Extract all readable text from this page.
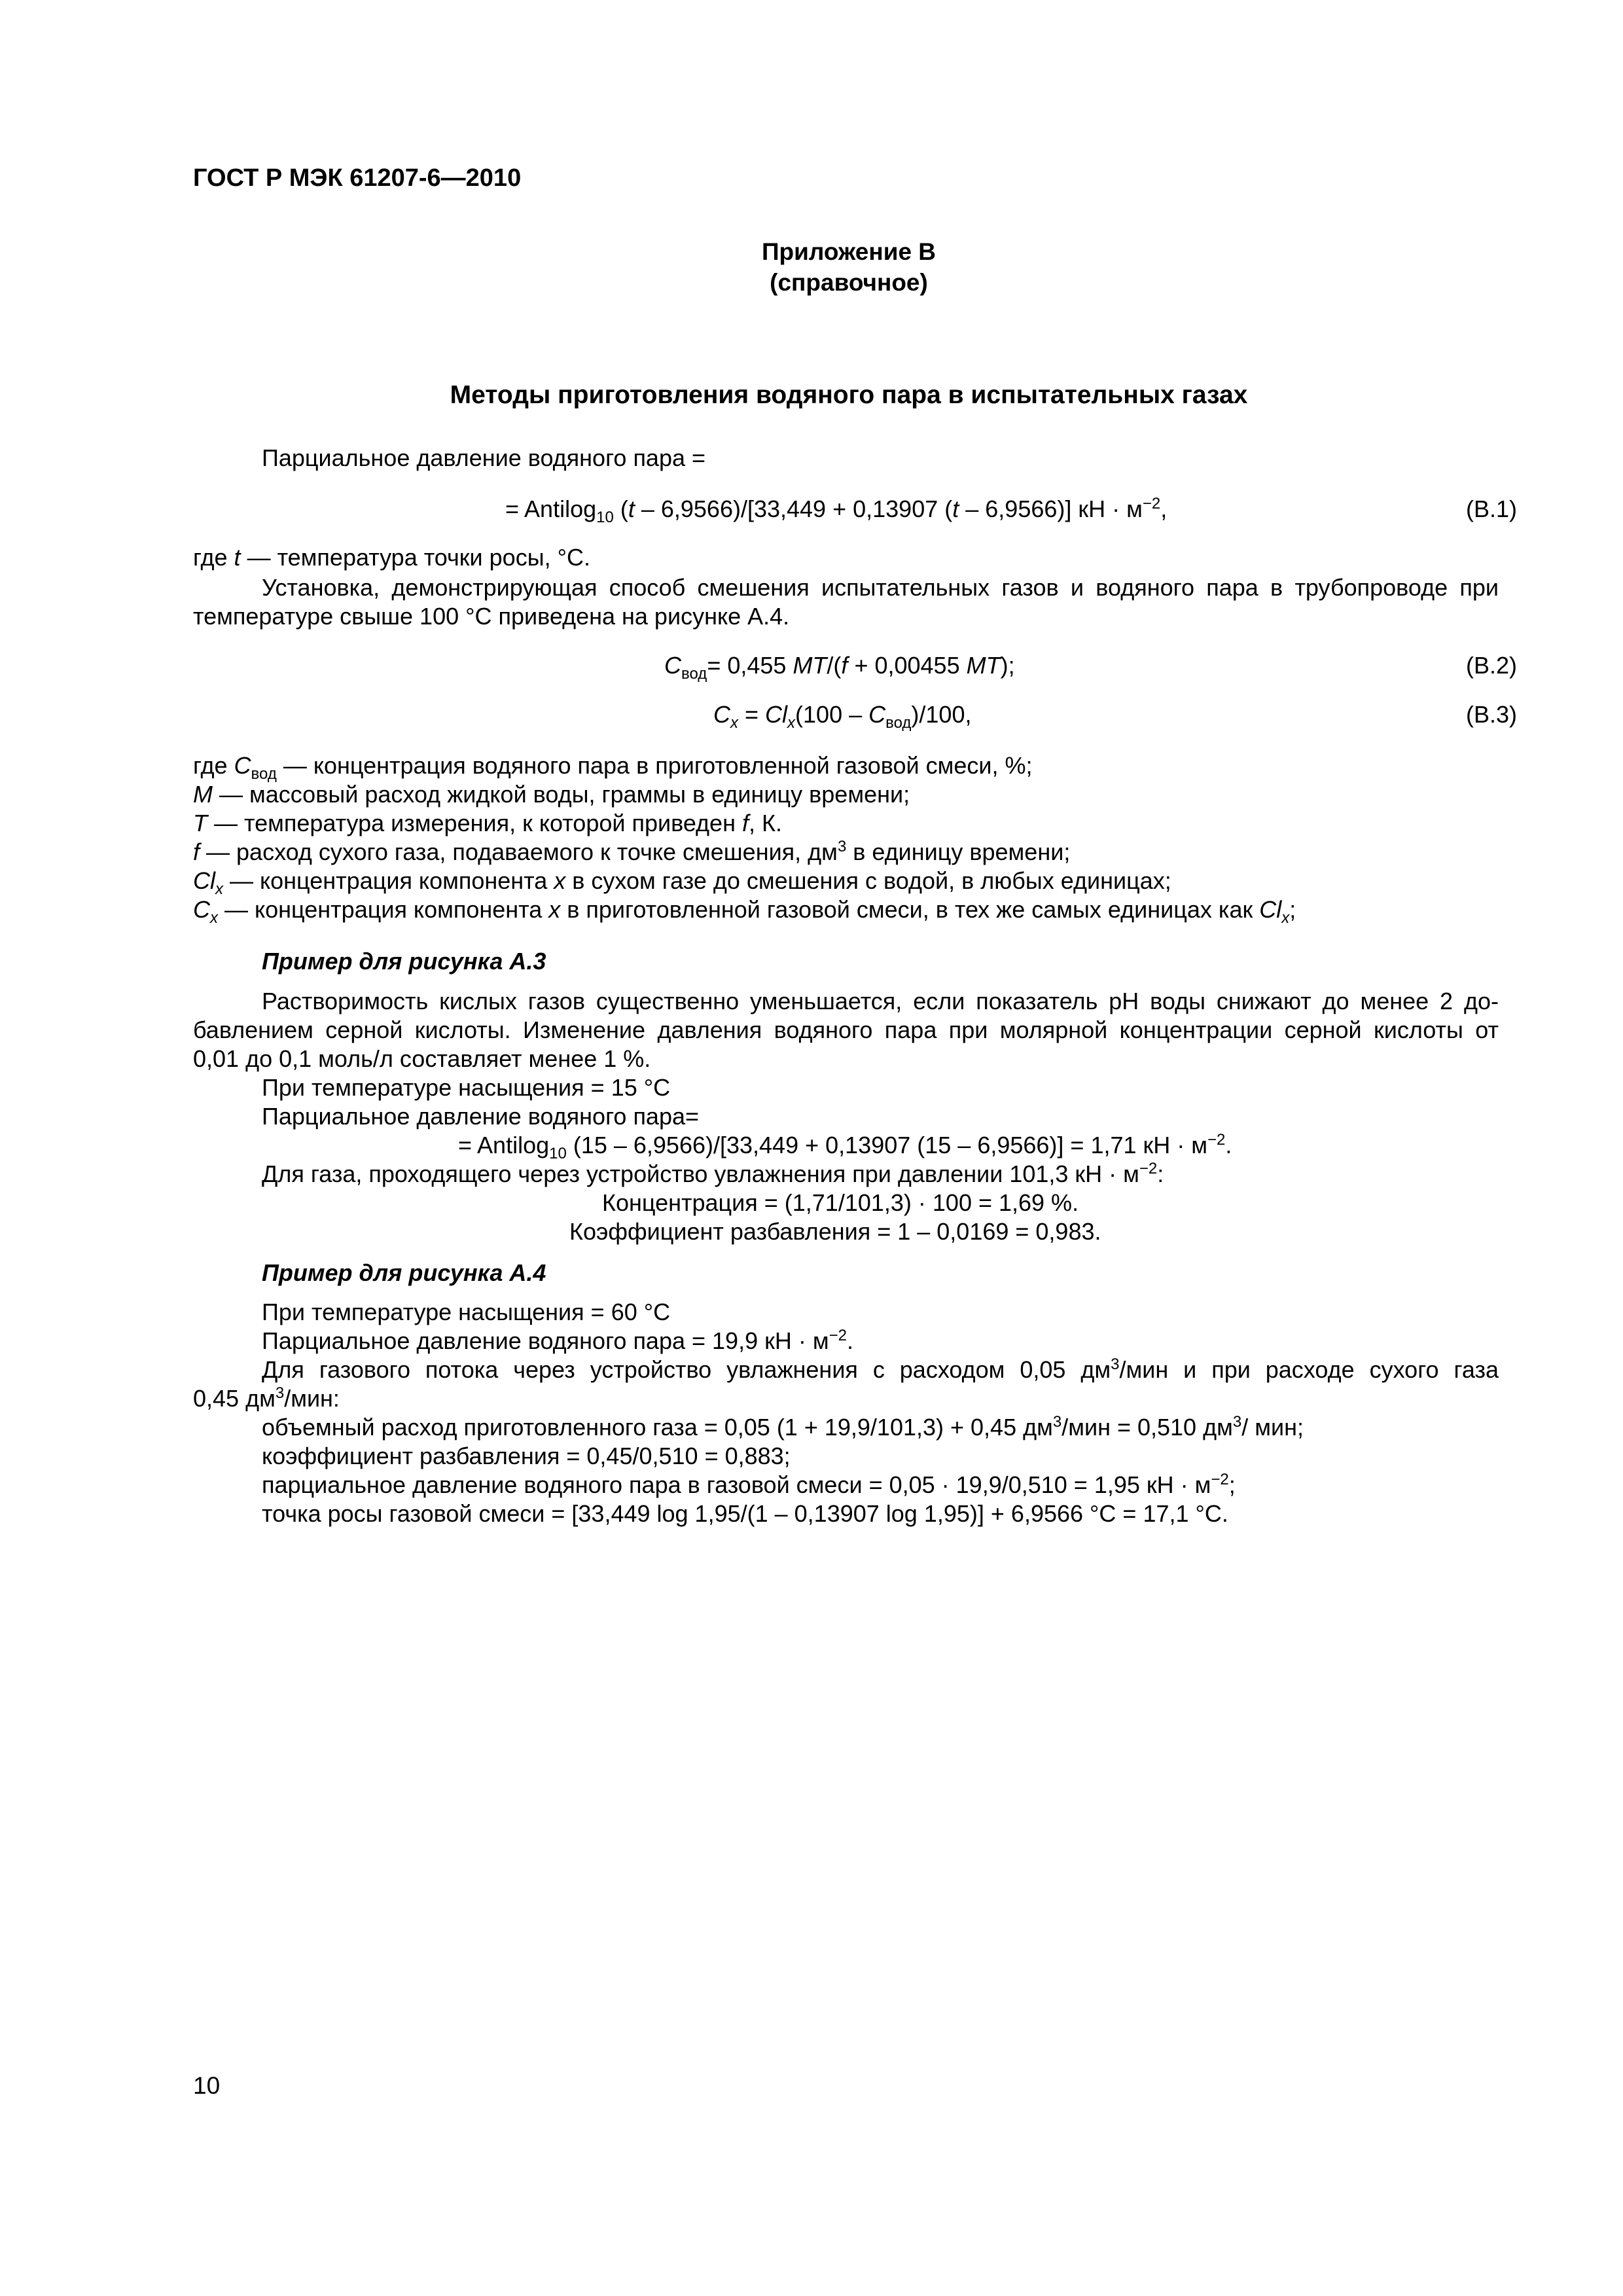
ГОСТ Р МЭК 61207-6—2010
Приложение В
(справочное)
Методы приготовления водяного пара в испытательных газах
Парциальное давление водяного пара =
= Antilog$_{10}$ (t – 6,9566)/[33,449 + 0,13907 (t – 6,9566)] кН · $м^{-2}$,	(В.1)
где t — температура точки росы, °С.
Установка, демонстрирующая способ смешения испытательных газов и водяного пара в трубопроводе при
температуре свыше 100 °С приведена на рисунке А.4.
$C_{вод}= 0,455$ MT/(f + 0,00455 MT);	(В.2)
$C_x = Cl_x(100 - C_{вод})/100$,	(В.3)
где $C_{вод}$ — концентрация водяного пара в приготовленной газовой смеси, %;
M — массовый расход жидкой воды, граммы в единицу времени;
T — температура измерения, к которой приведен f, К.
f — расход сухого газа, подаваемого к точке смешения, $дм^3$ в единицу времени;
$Cl_x$ — концентрация компонента x в сухом газе до смешения с водой, в любых единицах;
$C_x$ — концентрация компонента x в приготовленной газовой смеси, в тех же самых единицах как $Cl_x$;
Пример для рисунка А.3
Растворимость кислых газов существенно уменьшается, если показатель рН воды снижают до менее 2 до-
бавлением серной кислоты. Изменение давления водяного пара при молярной концентрации серной кислоты от
0,01 до 0,1 моль/л составляет менее 1 %.
При температуре насыщения = 15 °С
Парциальное давление водяного пара=
= Antilog$_{10}$ (15 – 6,9566)/[33,449 + 0,13907 (15 – 6,9566)] = 1,71 кН · $м^{-2}$.
Для газа, проходящего через устройство увлажнения при давлении 101,3 кН · $м^{-2}$:
Концентрация = (1,71/101,3) · 100 = 1,69 %.
Коэффициент разбавления = 1 – 0,0169 = 0,983.
Пример для рисунка А.4
При температуре насыщения = 60 °С
Парциальное давление водяного пара = 19,9 кН · $м^{-2}$.
Для газового потока через устройство увлажнения с расходом 0,05 $дм^3$/мин и при расходе сухого газа
0,45 $дм^3$/мин:
объемный расход приготовленного газа = 0,05 (1 + 19,9/101,3) + 0,45 $дм^3$/мин = 0,510 $дм^3/$ мин;
коэффициент разбавления = 0,45/0,510 = 0,883;
парциальное давление водяного пара в газовой смеси = 0,05 · 19,9/0,510 = 1,95 кН · $м^{-2}$;
точка росы газовой смеси = [33,449 log 1,95/(1 – 0,13907 log 1,95)] + 6,9566 °С = 17,1 °С.
10
